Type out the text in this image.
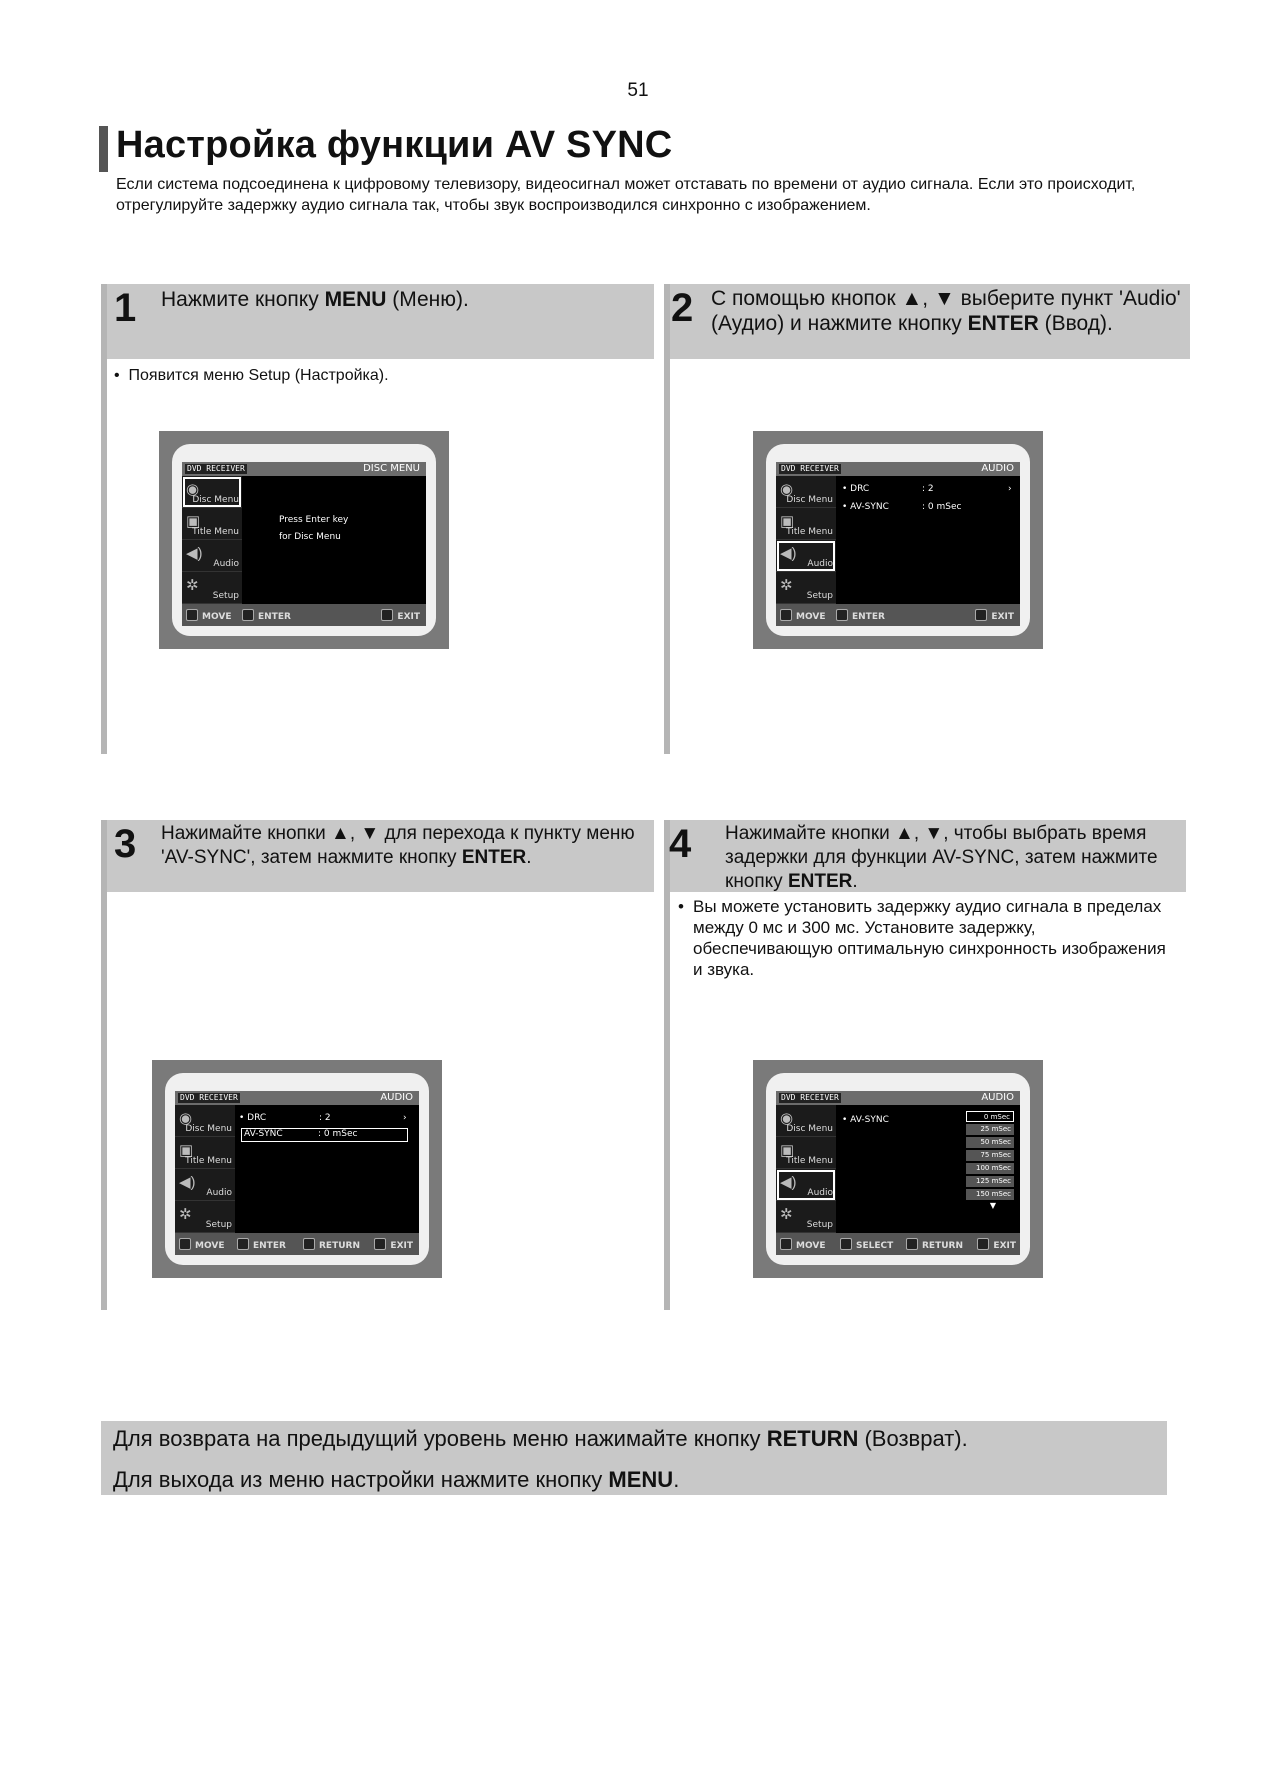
51
Настройка функции AV SYNC
Если система подсоединена к цифровому телевизору, видеосигнал может отставать по времени от аудио сигнала. Если это происходит, отрегулируйте задержку аудио сигнала так, чтобы звук воспроизводился синхронно с изображением.
1 Нажмите кнопку MENU (Меню).
•  Появится меню Setup (Настройка).
DVD RECEIVER	DISC MENU
◉
Disc Menu
▣
Title Menu
◀)
Audio
✲
Setup
Press Enter key
for Disc Menu
MOVE	ENTER	EXIT
2 С помощью кнопок ▲, ▼ выберите пункт 'Audio' (Аудио) и нажмите кнопку ENTER (Ввод).
DVD RECEIVER	AUDIO
◉
Disc Menu
▣
Title Menu
◀)
Audio
✲
Setup
• DRC	: 2	›
• AV-SYNC	: 0 mSec
MOVE	ENTER	EXIT
3 Нажимайте кнопки ▲, ▼ для перехода к пункту меню 'AV-SYNC', затем нажмите кнопку ENTER.
DVD RECEIVER	AUDIO
◉
Disc Menu
▣
Title Menu
◀)
Audio
✲
Setup
• DRC	: 2	›
AV-SYNC	: 0 mSec
MOVE	ENTER	RETURN	EXIT
4 Нажимайте кнопки ▲, ▼, чтобы выбрать время задержки для функции AV-SYNC, затем нажмите кнопку ENTER.
• Вы можете установить задержку аудио сигнала в пределах между 0 мс и 300 мс. Установите задержку, обеспечивающую оптимальную синхронность изображения и звука.
DVD RECEIVER	AUDIO
◉
Disc Menu
▣
Title Menu
◀)
Audio
✲
Setup
• AV-SYNC	0 mSec
25 mSec
50 mSec
75 mSec
100 mSec
125 mSec
150 mSec
▼
MOVE	SELECT	RETURN	EXIT
Для возврата на предыдущий уровень меню нажимайте кнопку RETURN (Возврат).
Для выхода из меню настройки нажмите кнопку MENU.
